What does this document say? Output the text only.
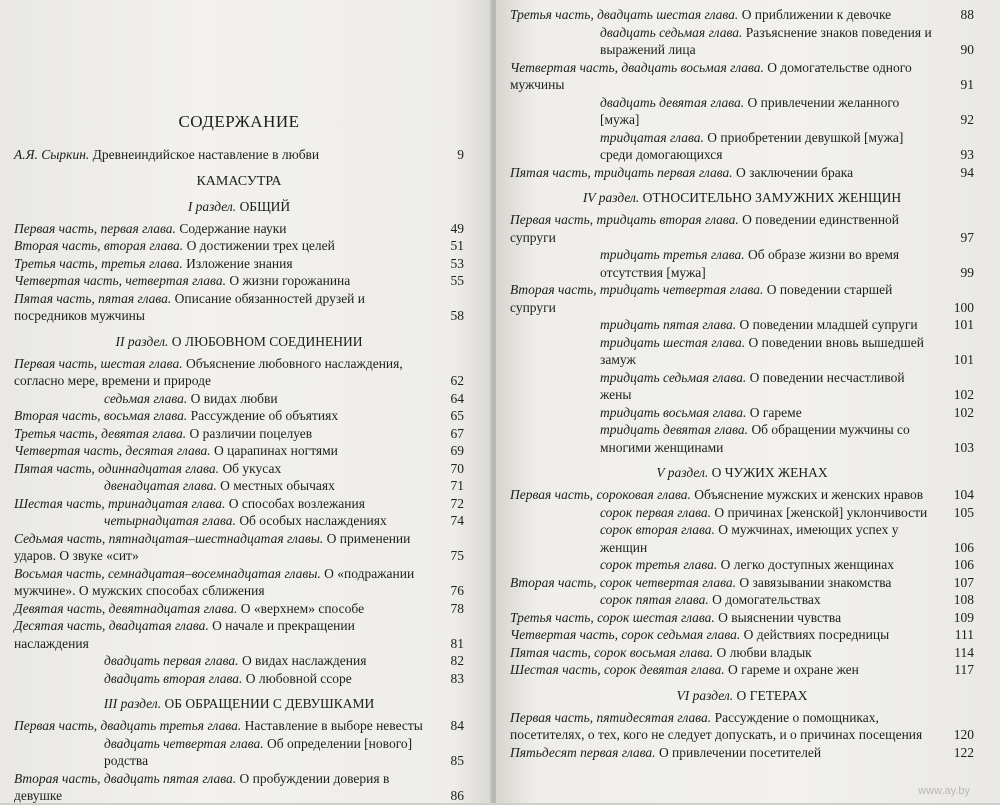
СОДЕРЖАНИЕ
А.Я. Сыркин. Древнеиндийское наставление в любви	9
КАМАСУТРА
I раздел. ОБЩИЙ
Первая часть, первая глава. Содержание науки	49
Вторая часть, вторая глава. О достижении трех целей	51
Третья часть, третья глава. Изложение знания	53
Четвертая часть, четвертая глава. О жизни горожанина	55
Пятая часть, пятая глава. Описание обязанностей друзей и посредников мужчины	58
II раздел. О ЛЮБОВНОМ СОЕДИНЕНИИ
Первая часть, шестая глава. Объяснение любовного наслаждения, согласно мере, времени и природе	62
седьмая глава. О видах любви	64
Вторая часть, восьмая глава. Рассуждение об объятиях	65
Третья часть, девятая глава. О различии поцелуев	67
Четвертая часть, десятая глава. О царапинах ногтями	69
Пятая часть, одиннадцатая глава. Об укусах	70
двенадцатая глава. О местных обычаях	71
Шестая часть, тринадцатая глава. О способах возлежания	72
четырнадцатая глава. Об особых наслаждениях	74
Седьмая часть, пятнадцатая–шестнадцатая главы. О применении ударов. О звуке «сит»	75
Восьмая часть, семнадцатая–восемнадцатая главы. О «подражании мужчине». О мужских способах сближения	76
Девятая часть, девятнадцатая глава. О «верхнем» способе	78
Десятая часть, двадцатая глава. О начале и прекращении наслаждения	81
двадцать первая глава. О видах наслаждения	82
двадцать вторая глава. О любовной ссоре	83
III раздел. ОБ ОБРАЩЕНИИ С ДЕВУШКАМИ
Первая часть, двадцать третья глава. Наставление в выборе невесты	84
двадцать четвертая глава. Об определении [нового] родства	85
Вторая часть, двадцать пятая глава. О пробуждении доверия в девушке	86
Третья часть, двадцать шестая глава. О приближении к девочке	88
двадцать седьмая глава. Разъяснение знаков поведения и выражений лица	90
Четвертая часть, двадцать восьмая глава. О домогательстве одного мужчины	91
двадцать девятая глава. О привлечении желанного [мужа]	92
тридцатая глава. О приобретении девушкой [мужа] среди домогающихся	93
Пятая часть, тридцать первая глава. О заключении брака	94
IV раздел. ОТНОСИТЕЛЬНО ЗАМУЖНИХ ЖЕНЩИН
Первая часть, тридцать вторая глава. О поведении единственной супруги	97
тридцать третья глава. Об образе жизни во время отсутствия [мужа]	99
Вторая часть, тридцать четвертая глава. О поведении старшей супруги	100
тридцать пятая глава. О поведении младшей супруги	101
тридцать шестая глава. О поведении вновь вышедшей замуж	101
тридцать седьмая глава. О поведении несчастливой жены	102
тридцать восьмая глава. О гареме	102
тридцать девятая глава. Об обращении мужчины со многими женщинами	103
V раздел. О ЧУЖИХ ЖЕНАХ
Первая часть, сороковая глава. Объяснение мужских и женских нравов	104
сорок первая глава. О причинах [женской] уклончивости	105
сорок вторая глава. О мужчинах, имеющих успех у женщин	106
сорок третья глава. О легко доступных женщинах	106
Вторая часть, сорок четвертая глава. О завязывании знакомства	107
сорок пятая глава. О домогательствах	108
Третья часть, сорок шестая глава. О выяснении чувства	109
Четвертая часть, сорок седьмая глава. О действиях посредницы	111
Пятая часть, сорок восьмая глава. О любви владык	114
Шестая часть, сорок девятая глава. О гареме и охране жен	117
VI раздел. О ГЕТЕРАХ
Первая часть, пятидесятая глава. Рассуждение о помощниках, посетителях, о тех, кого не следует допускать, и о причинах посещения	120
Пятьдесят первая глава. О привлечении посетителей	122
www.ay.by
